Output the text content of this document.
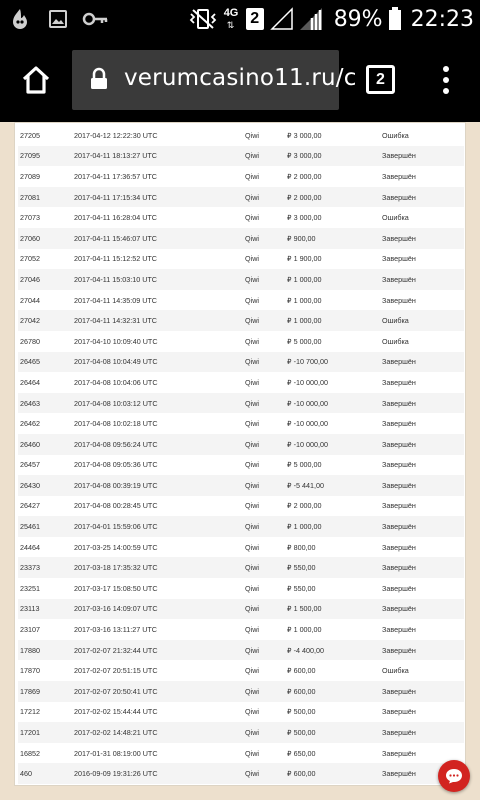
4G
⇅ 2	89% 22:23
verumcasino11.ru/c 2
27205	2017-04-12 12:22:30 UTC	Qiwi	₽ 3 000,00	Ошибка
27095	2017-04-11 18:13:27 UTC	Qiwi	₽ 3 000,00	Завершён
27089	2017-04-11 17:36:57 UTC	Qiwi	₽ 2 000,00	Завершён
27081	2017-04-11 17:15:34 UTC	Qiwi	₽ 2 000,00	Завершён
27073	2017-04-11 16:28:04 UTC	Qiwi	₽ 3 000,00	Ошибка
27060	2017-04-11 15:46:07 UTC	Qiwi	₽ 900,00	Завершён
27052	2017-04-11 15:12:52 UTC	Qiwi	₽ 1 900,00	Завершён
27046	2017-04-11 15:03:10 UTC	Qiwi	₽ 1 000,00	Завершён
27044	2017-04-11 14:35:09 UTC	Qiwi	₽ 1 000,00	Завершён
27042	2017-04-11 14:32:31 UTC	Qiwi	₽ 1 000,00	Ошибка
26780	2017-04-10 10:09:40 UTC	Qiwi	₽ 5 000,00	Ошибка
26465	2017-04-08 10:04:49 UTC	Qiwi	₽ -10 700,00	Завершён
26464	2017-04-08 10:04:06 UTC	Qiwi	₽ -10 000,00	Завершён
26463	2017-04-08 10:03:12 UTC	Qiwi	₽ -10 000,00	Завершён
26462	2017-04-08 10:02:18 UTC	Qiwi	₽ -10 000,00	Завершён
26460	2017-04-08 09:56:24 UTC	Qiwi	₽ -10 000,00	Завершён
26457	2017-04-08 09:05:36 UTC	Qiwi	₽ 5 000,00	Завершён
26430	2017-04-08 00:39:19 UTC	Qiwi	₽ -5 441,00	Завершён
26427	2017-04-08 00:28:45 UTC	Qiwi	₽ 2 000,00	Завершён
25461	2017-04-01 15:59:06 UTC	Qiwi	₽ 1 000,00	Завершён
24464	2017-03-25 14:00:59 UTC	Qiwi	₽ 800,00	Завершён
23373	2017-03-18 17:35:32 UTC	Qiwi	₽ 550,00	Завершён
23251	2017-03-17 15:08:50 UTC	Qiwi	₽ 550,00	Завершён
23113	2017-03-16 14:09:07 UTC	Qiwi	₽ 1 500,00	Завершён
23107	2017-03-16 13:11:27 UTC	Qiwi	₽ 1 000,00	Завершён
17880	2017-02-07 21:32:44 UTC	Qiwi	₽ -4 400,00	Завершён
17870	2017-02-07 20:51:15 UTC	Qiwi	₽ 600,00	Ошибка
17869	2017-02-07 20:50:41 UTC	Qiwi	₽ 600,00	Завершён
17212	2017-02-02 15:44:44 UTC	Qiwi	₽ 500,00	Завершён
17201	2017-02-02 14:48:21 UTC	Qiwi	₽ 500,00	Завершён
16852	2017-01-31 08:19:00 UTC	Qiwi	₽ 650,00	Завершён
460	2016-09-09 19:31:26 UTC	Qiwi	₽ 600,00	Завершён
